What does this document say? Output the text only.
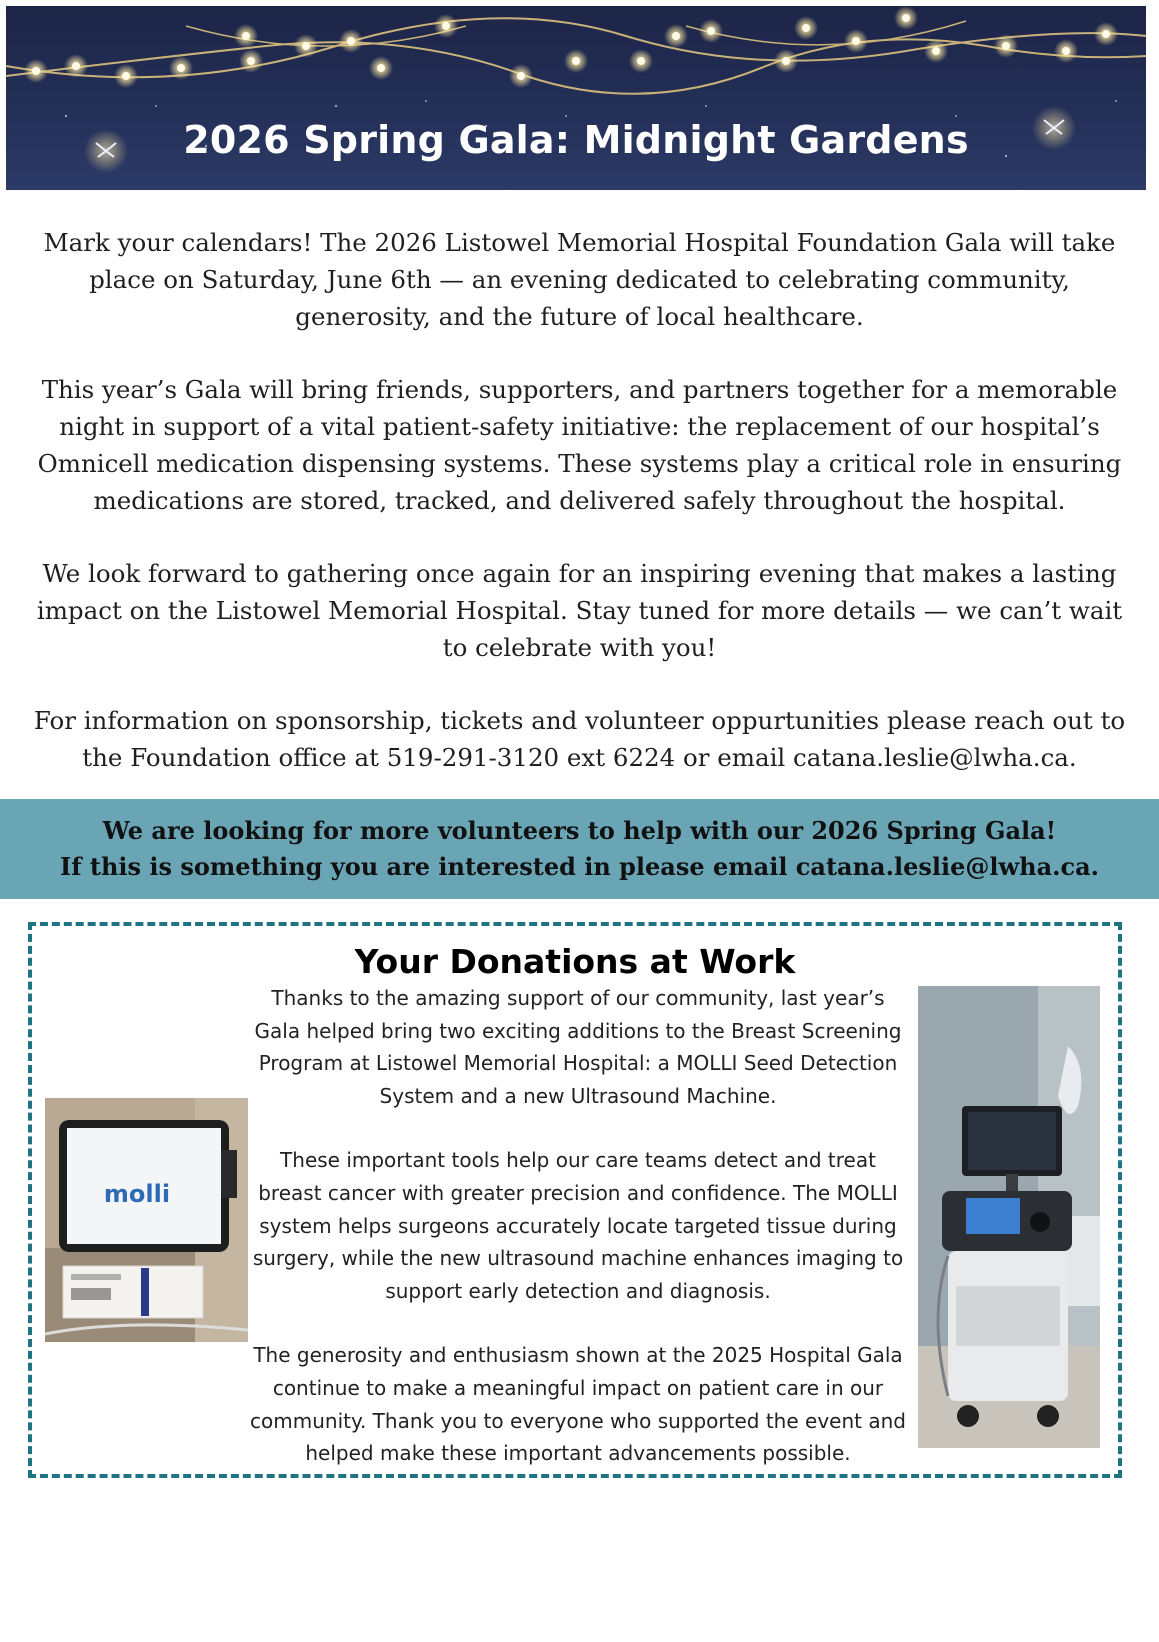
2026 Spring Gala: Midnight Gardens

Mark your calendars! The 2026 Listowel Memorial Hospital Foundation Gala will take place on Saturday, June 6th — an evening dedicated to celebrating community, generosity, and the future of local healthcare.

This year’s Gala will bring friends, supporters, and partners together for a memorable night in support of a vital patient-safety initiative: the replacement of our hospital’s Omnicell medication dispensing systems. These systems play a critical role in ensuring medications are stored, tracked, and delivered safely throughout the hospital.

We look forward to gathering once again for an inspiring evening that makes a lasting impact on the Listowel Memorial Hospital. Stay tuned for more details — we can’t wait to celebrate with you!

For information on sponsorship, tickets and volunteer oppurtunities please reach out to the Foundation office at 519-291-3120 ext 6224 or email catana.leslie@lwha.ca.

We are looking for more volunteers to help with our 2026 Spring Gala!
If this is something you are interested in please email catana.leslie@lwha.ca.
Your Donations at Work

Thanks to the amazing support of our community, last year’s Gala helped bring two exciting additions to the Breast Screening Program at Listowel Memorial Hospital: a MOLLI Seed Detection System and a new Ultrasound Machine.

These important tools help our care teams detect and treat breast cancer with greater precision and confidence. The MOLLI system helps surgeons accurately locate targeted tissue during surgery, while the new ultrasound machine enhances imaging to support early detection and diagnosis.

The generosity and enthusiasm shown at the 2025 Hospital Gala continue to make a meaningful impact on patient care in our community. Thank you to everyone who supported the event and helped make these important advancements possible.

molli
